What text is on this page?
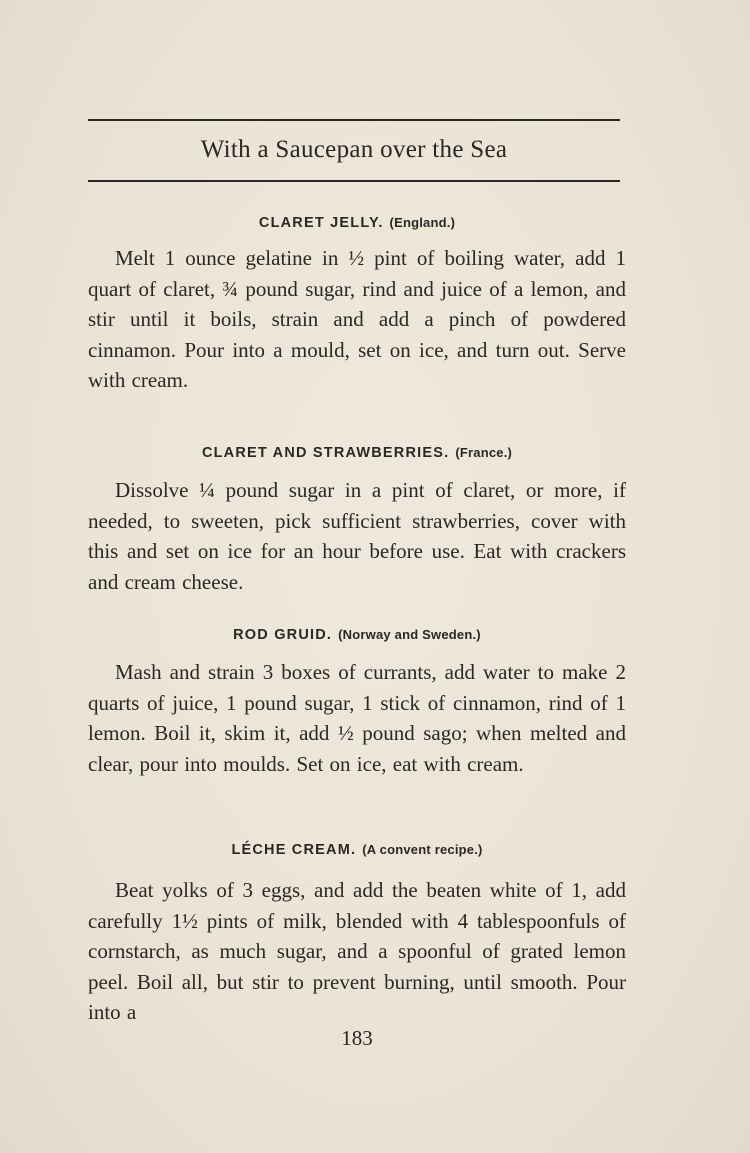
With a Saucepan over the Sea

CLARET JELLY. (England.)

Melt 1 ounce gelatine in ½ pint of boiling water, add 1 quart of claret, ¾ pound sugar, rind and juice of a lemon, and stir until it boils, strain and add a pinch of powdered cinnamon. Pour into a mould, set on ice, and turn out. Serve with cream.

CLARET AND STRAWBERRIES. (France.)

Dissolve ¼ pound sugar in a pint of claret, or more, if needed, to sweeten, pick sufficient strawberries, cover with this and set on ice for an hour before use. Eat with crackers and cream cheese.

ROD GRUID. (Norway and Sweden.)

Mash and strain 3 boxes of currants, add water to make 2 quarts of juice, 1 pound sugar, 1 stick of cinnamon, rind of 1 lemon. Boil it, skim it, add ½ pound sago; when melted and clear, pour into moulds. Set on ice, eat with cream.

LÉCHE CREAM. (A convent recipe.)

Beat yolks of 3 eggs, and add the beaten white of 1, add carefully 1½ pints of milk, blended with 4 tablespoonfuls of cornstarch, as much sugar, and a spoonful of grated lemon peel. Boil all, but stir to prevent burning, until smooth. Pour into a

183
